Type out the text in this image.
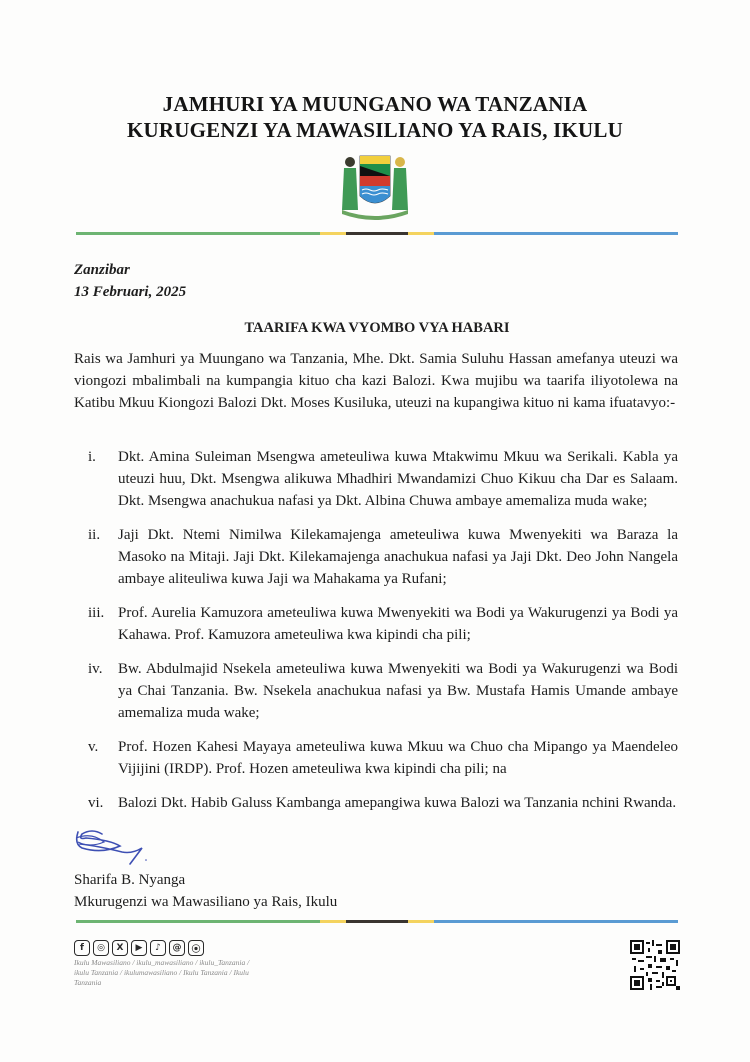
JAMHURI YA MUUNGANO WA TANZANIA
KURUGENZI YA MAWASILIANO YA RAIS, IKULU
Zanzibar
13 Februari, 2025
TAARIFA KWA VYOMBO VYA HABARI
Rais wa Jamhuri ya Muungano wa Tanzania, Mhe. Dkt. Samia Suluhu Hassan amefanya uteuzi wa viongozi mbalimbali na kumpangia kituo cha kazi Balozi. Kwa mujibu wa taarifa iliyotolewa na Katibu Mkuu Kiongozi Balozi Dkt. Moses Kusiluka, uteuzi na kupangiwa kituo ni kama ifuatavyo:-
i. Dkt. Amina Suleiman Msengwa ameteuliwa kuwa Mtakwimu Mkuu wa Serikali. Kabla ya uteuzi huu, Dkt. Msengwa alikuwa Mhadhiri Mwandamizi Chuo Kikuu cha Dar es Salaam. Dkt. Msengwa anachukua nafasi ya Dkt. Albina Chuwa ambaye amemaliza muda wake;
ii. Jaji Dkt. Ntemi Nimilwa Kilekamajenga ameteuliwa kuwa Mwenyekiti wa Baraza la Masoko na Mitaji. Jaji Dkt. Kilekamajenga anachukua nafasi ya Jaji Dkt. Deo John Nangela ambaye aliteuliwa kuwa Jaji wa Mahakama ya Rufani;
iii. Prof. Aurelia Kamuzora ameteuliwa kuwa Mwenyekiti wa Bodi ya Wakurugenzi ya Bodi ya Kahawa. Prof. Kamuzora ameteuliwa kwa kipindi cha pili;
iv. Bw. Abdulmajid Nsekela ameteuliwa kuwa Mwenyekiti wa Bodi ya Wakurugenzi wa Bodi ya Chai Tanzania. Bw. Nsekela anachukua nafasi ya Bw. Mustafa Hamis Umande ambaye amemaliza muda wake;
v. Prof. Hozen Kahesi Mayaya ameteuliwa kuwa Mkuu wa Chuo cha Mipango ya Maendeleo Vijijini (IRDP). Prof. Hozen ameteuliwa kwa kipindi cha pili; na
vi. Balozi Dkt. Habib Galuss Kambanga amepangiwa kuwa Balozi wa Tanzania nchini Rwanda.
Sharifa B. Nyanga
Mkurugenzi wa Mawasiliano ya Rais, Ikulu
f	◎	X	▶	♪	@	⦿
Ikulu Mawasiliano / ikulu_mawasiliano / ikulu_Tanzania / ikulu Tanzania / ikulumawasiliano / Ikulu Tanzania / Ikulu Tanzania
